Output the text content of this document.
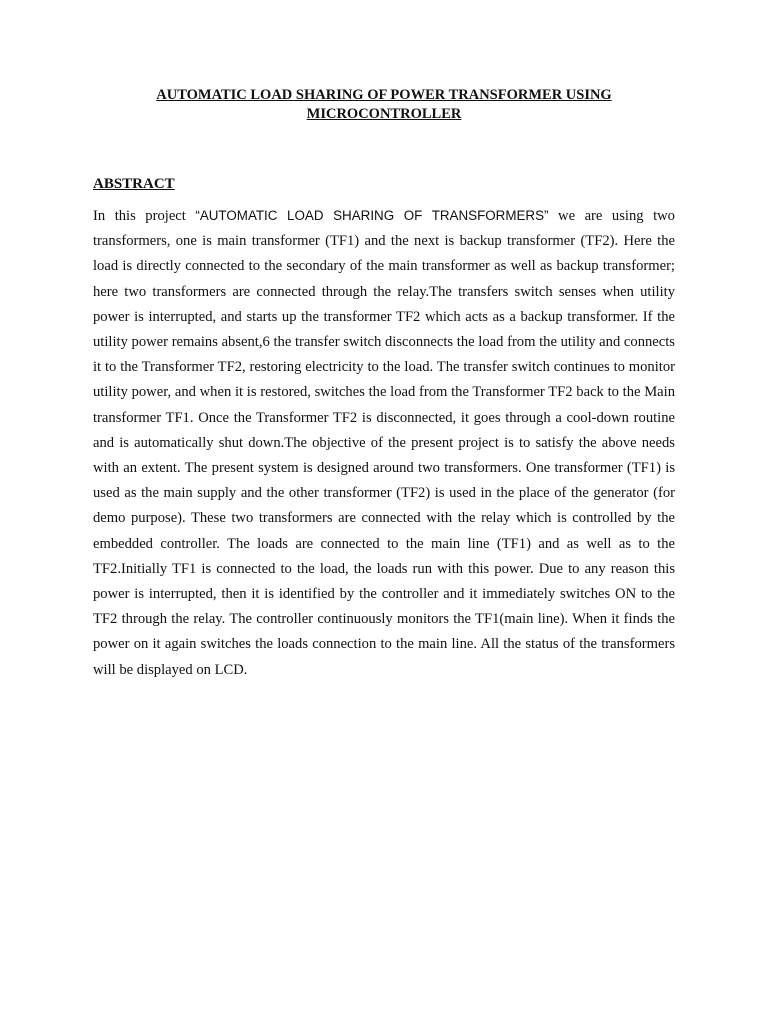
AUTOMATIC LOAD SHARING OF POWER TRANSFORMER USING MICROCONTROLLER
ABSTRACT

In this project “AUTOMATIC LOAD SHARING OF TRANSFORMERS” we are using two transformers, one is main transformer (TF1) and the next is backup transformer (TF2). Here the load is directly connected to the secondary of the main transformer as well as backup transformer; here two transformers are connected through the relay.The transfers switch senses when utility power is interrupted, and starts up the transformer TF2 which acts as a backup transformer. If the utility power remains absent,6 the transfer switch disconnects the load from the utility and connects it to the Transformer TF2, restoring electricity to the load. The transfer switch continues to monitor utility power, and when it is restored, switches the load from the Transformer TF2 back to the Main transformer TF1. Once the Transformer TF2 is disconnected, it goes through a cool-down routine and is automatically shut down.The objective of the present project is to satisfy the above needs with an extent. The present system is designed around two transformers. One transformer (TF1) is used as the main supply and the other transformer (TF2) is used in the place of the generator (for demo purpose). These two transformers are connected with the relay which is controlled by the embedded controller. The loads are connected to the main line (TF1) and as well as to the TF2.Initially TF1 is connected to the load, the loads run with this power. Due to any reason this power is interrupted, then it is identified by the controller and it immediately switches ON to the TF2 through the relay. The controller continuously monitors the TF1(main line). When it finds the power on it again switches the loads connection to the main line. All the status of the transformers will be displayed on LCD.
